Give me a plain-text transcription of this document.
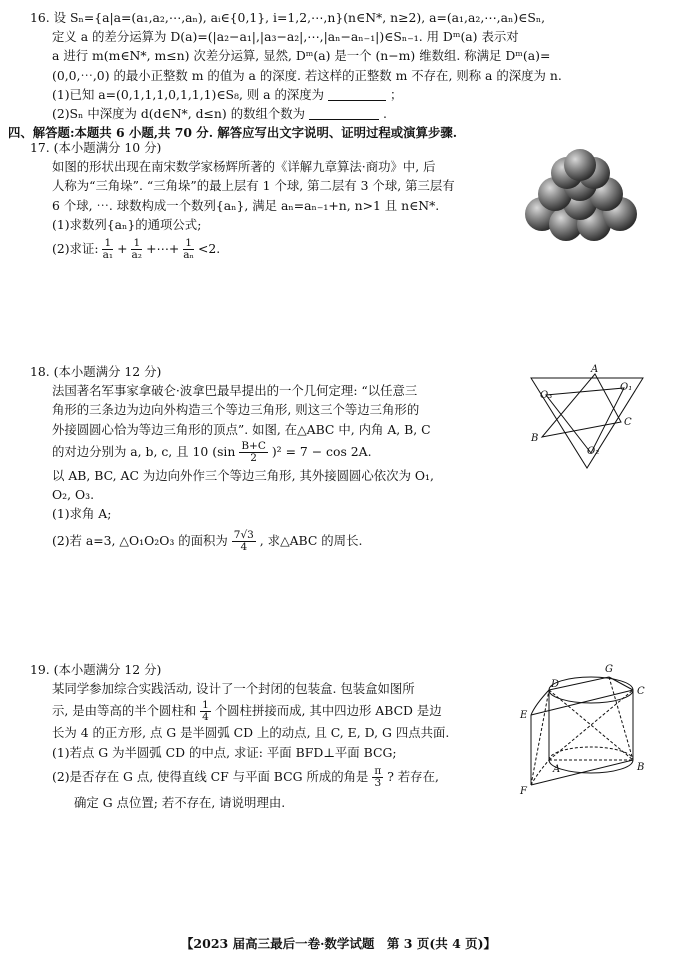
16. 设 Sₙ={a|a=(a₁,a₂,⋯,aₙ), aᵢ∈{0,1}, i=1,2,⋯,n}(n∈N*, n≥2), a=(a₁,a₂,⋯,aₙ)∈Sₙ,
定义 a 的差分运算为 D(a)=(|a₂−a₁|,|a₃−a₂|,⋯,|aₙ−aₙ₋₁|)∈Sₙ₋₁. 用 Dᵐ(a) 表示对
a 进行 m(m∈N*, m≤n) 次差分运算, 显然, Dᵐ(a) 是一个 (n−m) 维数组. 称满足 Dᵐ(a)=
(0,0,⋯,0) 的最小正整数 m 的值为 a 的深度. 若这样的正整数 m 不存在, 则称 a 的深度为 n.
(1)已知 a=(0,1,1,1,0,1,1,1)∈S₈, 则 a 的深度为	；
(2)Sₙ 中深度为 d(d∈N*, d≤n) 的数组个数为	.
四、解答题:本题共 6 小题,共 70 分. 解答应写出文字说明、证明过程或演算步骤.
17. (本小题满分 10 分)
如图的形状出现在南宋数学家杨辉所著的《详解九章算法·商功》中, 后
人称为“三角垛”. “三角垛”的最上层有 1 个球, 第二层有 3 个球, 第三层有
6 个球, ⋯. 球数构成一个数列{aₙ}, 满足 aₙ=aₙ₋₁+n, n>1 且 n∈N*.
(1)求数列{aₙ}的通项公式;
(2)求证: $\frac{1}{\text{a₁}} + \frac{1}{\text{a₂}}$ +⋯+ $\frac{1}{\text{aₙ}} <2$.
18. (本小题满分 12 分)
法国著名军事家拿破仑·波拿巴最早提出的一个几何定理: “以任意三
角形的三条边为边向外构造三个等边三角形, 则这三个等边三角形的
外接圆圆心恰为等边三角形的顶点”. 如图, 在△ABC 中, 内角 A, B, C
的对边分别为 a, b, c, 且 10 $(\sin \frac{B+C}{2} )^2 = 7 - \cos 2A$.
以 AB, BC, AC 为边向外作三个等边三角形, 其外接圆圆心依次为 O₁,
O₂, O₃.
(1)求角 A;
(2)若 a=3, △O₁O₂O₃ 的面积为 $\frac{7√3}{4}$ , 求△ABC 的周长.
A
O₁
O₃
C
B
O₂
19. (本小题满分 12 分)
某同学参加综合实践活动, 设计了一个封闭的包装盒. 包装盒如图所
示, 是由等高的半个圆柱和 $\frac{1}{4}$ 个圆柱拼接而成, 其中四边形 ABCD 是边
长为 4 的正方形, 点 G 是半圆弧 CD 上的动点, 且 C, E, D, G 四点共面.
(1)若点 G 为半圆弧 CD 的中点, 求证: 平面 BFD⊥平面 BCG;
(2)是否存在 G 点, 使得直线 CF 与平面 BCG 所成的角是 $\frac{\pi}{3}$ ? 若存在,
确定 G 点位置; 若不存在, 请说明理由.
G
D
C
E
A	B
F
【2023 届高三最后一卷·数学试题　第 3 页(共 4 页)】
